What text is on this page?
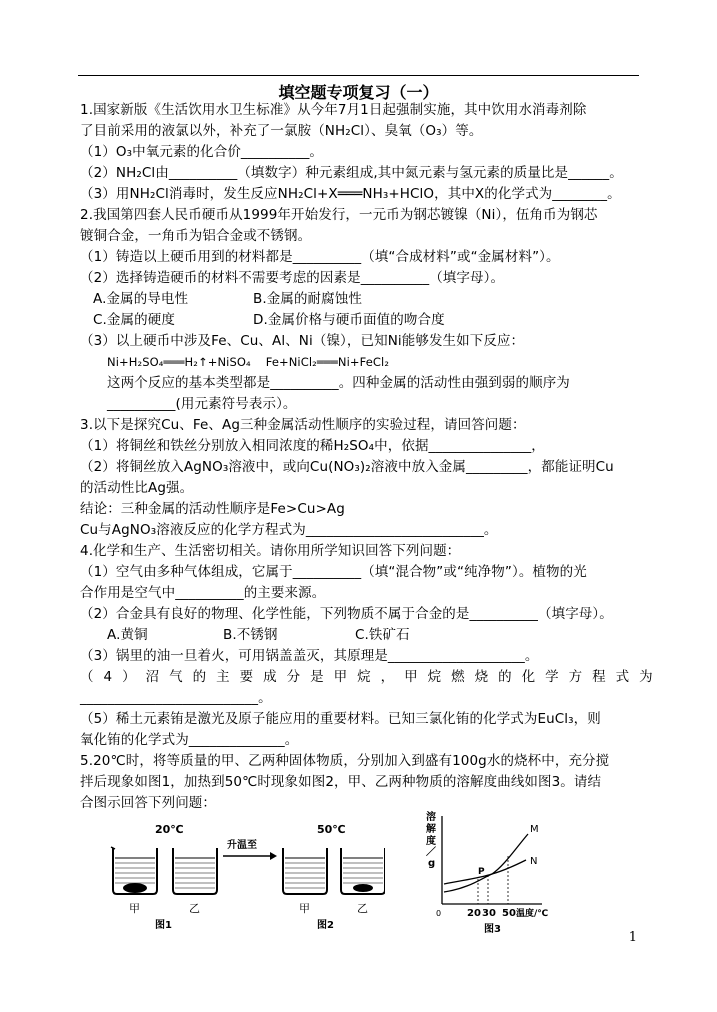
填空题专项复习（一）
1.国家新版《生活饮用水卫生标准》从今年7月1日起强制实施，其中饮用水消毒剂除
了目前采用的液氯以外，补充了一氯胺（NH₂Cl）、臭氧（O₃）等。
（1）O₃中氧元素的化合价__________。
（2）NH₂Cl由__________（填数字）种元素组成,其中氮元素与氢元素的质量比是______。
（3）用NH₂Cl消毒时，发生反应NH₂Cl+X═══NH₃+HClO，其中X的化学式为________。
2.我国第四套人民币硬币从1999年开始发行，一元币为钢芯镀镍（Ni），伍角币为钢芯
镀铜合金，一角币为铝合金或不锈钢。
（1）铸造以上硬币用到的材料都是__________（填“合成材料”或“金属材料”）。
（2）选择铸造硬币的材料不需要考虑的因素是__________（填字母）。
A.金属的导电性	B.金属的耐腐蚀性
C.金属的硬度	D.金属价格与硬币面值的吻合度
（3）以上硬币中涉及Fe、Cu、Al、Ni（镍），已知Ni能够发生如下反应：
Ni+H₂SO₄═══H₂↑+NiSO₄    Fe+NiCl₂═══Ni+FeCl₂
这两个反应的基本类型都是__________。四种金属的活动性由强到弱的顺序为
__________(用元素符号表示）。
3.以下是探究Cu、Fe、Ag三种金属活动性顺序的实验过程，请回答问题：
（1）将铜丝和铁丝分别放入相同浓度的稀H₂SO₄中，依据_______________，
（2）将铜丝放入AgNO₃溶液中，或向Cu(NO₃)₂溶液中放入金属_________，都能证明Cu
的活动性比Ag强。
结论：三种金属的活动性顺序是Fe>Cu>Ag
Cu与AgNO₃溶液反应的化学方程式为__________________________。
4.化学和生产、生活密切相关。请你用所学知识回答下列问题：
（1）空气由多种气体组成，它属于__________（填“混合物”或“纯净物”）。植物的光
合作用是空气中__________的主要来源。
（2）合金具有良好的物理、化学性能，下列物质不属于合金的是__________（填字母）。
A.黄铜	B.不锈钢	C.铁矿石
（3）锅里的油一旦着火，可用锅盖盖灭，其原理是____________________。
（4）沼气的主要成分是甲烷，甲烷燃烧的化学方程式为
__________________________。
（5）稀土元素铕是激光及原子能应用的重要材料。已知三氯化铕的化学式为EuCl₃，则
氧化铕的化学式为______________。
5.20℃时，将等质量的甲、乙两种固体物质，分别加入到盛有100g水的烧杯中，充分搅
拌后现象如图1，加热到50℃时现象如图2，甲、乙两种物质的溶解度曲线如图3。请结
合图示回答下列问题：
20℃	50℃
升温至
甲	乙	甲	乙
图1	图2
溶
解
度
／
g
M
N
P
0	20 30 50 温度/℃
图3
1
